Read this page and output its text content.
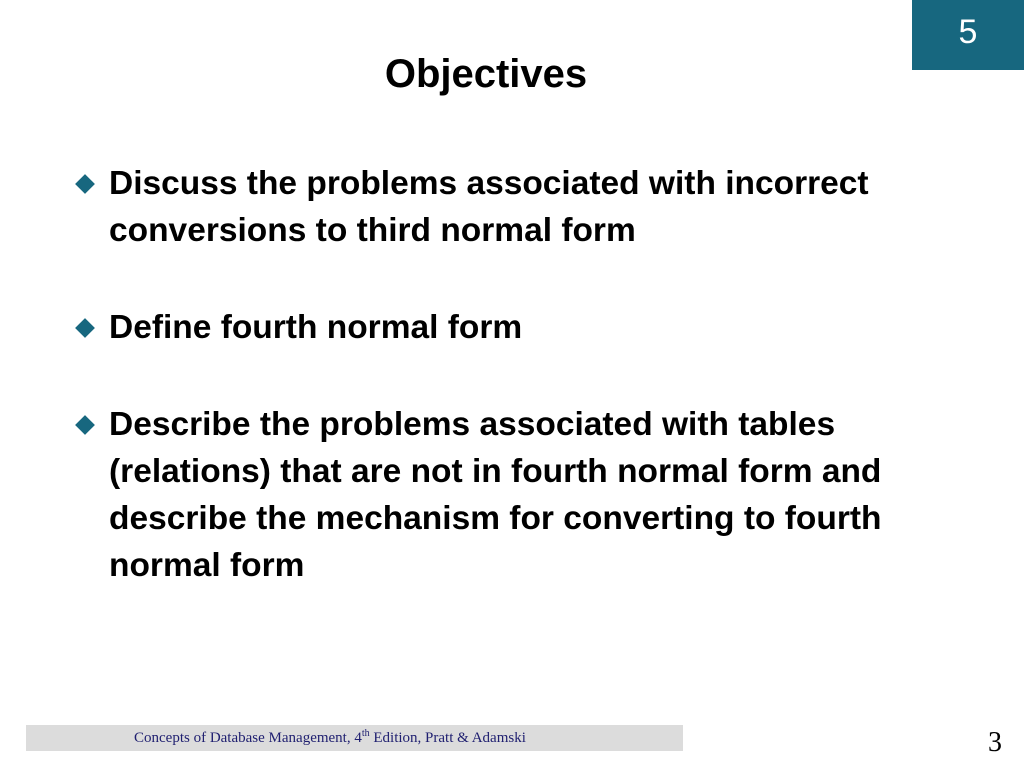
5
Objectives
Discuss the problems associated with incorrect conversions to third normal form
Define fourth normal form
Describe the problems associated with tables (relations) that are not in fourth normal form and describe the mechanism for converting to fourth normal form
Concepts of Database Management, 4th Edition, Pratt & Adamski	3
